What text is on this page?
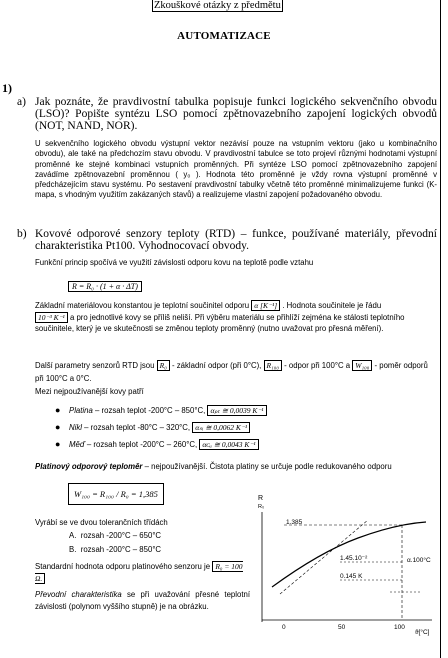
Zkouškové otázky z předmětu
AUTOMATIZACE
1)
a) Jak poznáte, že pravdivostní tabulka popisuje funkci logického sekvenčního obvodu (LSO)? Popište syntézu LSO pomocí zpětnovazebního zapojení logických obvodů (NOT, NAND, NOR).
U sekvenčního logického obvodu výstupní vektor nezávisí pouze na vstupním vektoru (jako u kombinačního obvodu), ale také na předchozím stavu obvodu. V pravdivostní tabulce se toto projeví různými hodnotami výstupní proměnné ke stejné kombinaci vstupních proměnných. Při syntéze LSO pomocí zpětnovazebního zapojení zavádíme zpětnovazební proměnnou ( y₀ ). Hodnota této proměnné je vždy rovna výstupní proměnné v předcházejícím stavu systému. Po sestavení pravdivostní tabulky včetně této proměnné minimalizujeme funkci (K-mapa, s vhodným využitím zakázaných stavů) a realizujeme vlastní zapojení požadovaného obvodu.
b) Kovové odporové senzory teploty (RTD) – funkce, používané materiály, převodní charakteristika Pt100. Vyhodnocovací obvody.
Funkční princip spočívá ve využití závislosti odporu kovu na teplotě podle vztahu
R = R₀ · (1 + α · ΔT)
Základní materiálovou konstantou je teplotní součinitel odporu α [K⁻¹] . Hodnota součinitele je řádu
10⁻³ K⁻¹ a pro jednotlivé kovy se příliš neliší. Při výběru materiálu se přihlíží zejména ke stálosti teplotního součinitele, který je ve skutečnosti se změnou teploty proměnný (nutno uvažovat pro přesná měření).
Další parametry senzorů RTD jsou R₀ - základní odpor (při 0°C), R₁₀₀ - odpor při 100°C a W₁₀₀ - poměr odporů při 100°C a 0°C.
Mezi nejpoužívanější kovy patří
● Platina – rozsah teplot -200°C – 850°C, αₚₜ ≅ 0,0039 K⁻¹
● Nikl – rozsah teplot -80°C – 320°C, αₙᵢ ≅ 0,0062 K⁻¹
● Měď – rozsah teplot -200°C – 260°C, αᴄᵤ ≅ 0,0043 K⁻¹
Platinový odporový teploměr – nejpoužívanější. Čistota platiny se určuje podle redukovaného odporu
W₁₀₀ = R₁₀₀ / R₀ = 1,385
Vyrábí se ve dvou tolerančních třídách
A. rozsah -200°C – 650°C
B. rozsah -200°C – 850°C
Standardní hodnota odporu platinového senzoru je R₀ = 100 Ω.
Převodní charakteristika se při uvažování přesné teplotní závislosti (polynom vyššího stupně) je na obrázku.
R
R₀
1.385
1.45.10⁻²
0.145 K
α.100°C
0	50	100
ϑ[°C]
